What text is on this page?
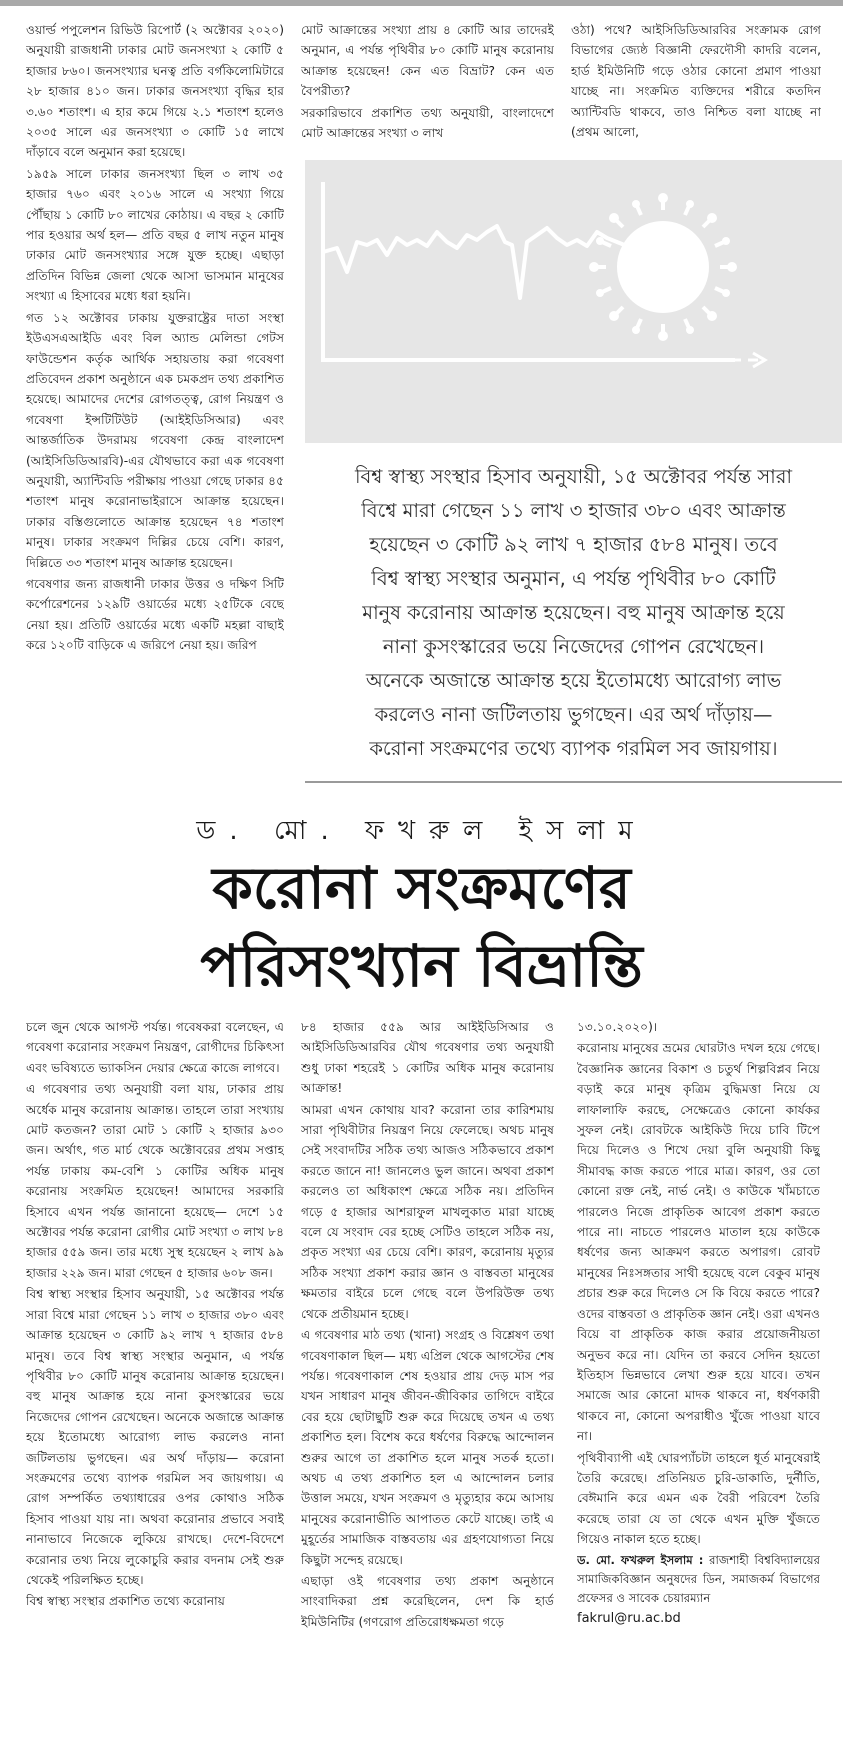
ওয়ার্ল্ড পপুলেশন রিভিউ রিপোর্ট (২ অক্টোবর ২০২০) অনুযায়ী রাজধানী ঢাকার মোট জনসংখ্যা ২ কোটি ৫ হাজার ৮৬০। জনসংখ্যার ঘনত্ব প্রতি বর্গকিলোমিটারে ২৮ হাজার ৪১০ জন। ঢাকার জনসংখ্যা বৃদ্ধির হার ৩.৬০ শতাংশ। এ হার কমে গিয়ে ২.১ শতাংশ হলেও ২০৩৫ সালে এর জনসংখ্যা ৩ কোটি ১৫ লাখে দাঁড়াবে বলে অনুমান করা হয়েছে।

১৯৫৯ সালে ঢাকার জনসংখ্যা ছিল ৩ লাখ ৩৫ হাজার ৭৬০ এবং ২০১৬ সালে এ সংখ্যা গিয়ে পৌঁছায় ১ কোটি ৮০ লাখের কোঠায়। এ বছর ২ কোটি পার হওয়ার অর্থ হল— প্রতি বছর ৫ লাখ নতুন মানুষ ঢাকার মোট জনসংখ্যার সঙ্গে যুক্ত হচ্ছে। এছাড়া প্রতিদিন বিভিন্ন জেলা থেকে আসা ভাসমান মানুষের সংখ্যা এ হিসাবের মধ্যে ধরা হয়নি।

গত ১২ অক্টোবর ঢাকায় যুক্তরাষ্ট্রের দাতা সংস্থা ইউএসএআইডি এবং বিল অ্যান্ড মেলিন্ডা গেটস ফাউন্ডেশন কর্তৃক আর্থিক সহায়তায় করা গবেষণা প্রতিবেদন প্রকাশ অনুষ্ঠানে এক চমকপ্রদ তথ্য প্রকাশিত হয়েছে। আমাদের দেশের রোগতত্ত্ব, রোগ নিয়ন্ত্রণ ও গবেষণা ইন্সটিটিউট (আইইডিসিআর) এবং আন্তর্জাতিক উদরাময় গবেষণা কেন্দ্র বাংলাদেশ (আইসিডিডিআরবি)-এর যৌথভাবে করা এক গবেষণা অনুযায়ী, অ্যান্টিবডি পরীক্ষায় পাওয়া গেছে ঢাকার ৪৫ শতাংশ মানুষ করোনাভাইরাসে আক্রান্ত হয়েছেন। ঢাকার বস্তিগুলোতে আক্রান্ত হয়েছেন ৭৪ শতাংশ মানুষ। ঢাকার সংক্রমণ দিল্লির চেয়ে বেশি। কারণ, দিল্লিতে ৩৩ শতাংশ মানুষ আক্রান্ত হয়েছেন।

গবেষণার জন্য রাজধানী ঢাকার উত্তর ও দক্ষিণ সিটি কর্পোরেশনের ১২৯টি ওয়ার্ডের মধ্যে ২৫টিকে বেছে নেয়া হয়। প্রতিটি ওয়ার্ডের মধ্যে একটি মহল্লা বাছাই করে ১২০টি বাড়িকে এ জরিপে নেয়া হয়। জরিপ

মোট আক্রান্তের সংখ্যা প্রায় ৪ কোটি আর তাদেরই অনুমান, এ পর্যন্ত পৃথিবীর ৮০ কোটি মানুষ করোনায় আক্রান্ত হয়েছেন! কেন এত বিভ্রাট? কেন এত বৈপরীত্য?

সরকারিভাবে প্রকাশিত তথ্য অনুযায়ী, বাংলাদেশে মোট আক্রান্তের সংখ্যা ৩ লাখ

ওঠা) পথে? আইসিডিডিআরবির সংক্রামক রোগ বিভাগের জ্যেষ্ঠ বিজ্ঞানী ফেরদৌসী কাদরি বলেন, হার্ড ইমিউনিটি গড়ে ওঠার কোনো প্রমাণ পাওয়া যাচ্ছে না। সংক্রমিত ব্যক্তিদের শরীরে কতদিন অ্যান্টিবডি থাকবে, তাও নিশ্চিত বলা যাচ্ছে না (প্রথম আলো,

বিশ্ব স্বাস্থ্য সংস্থার হিসাব অনুযায়ী, ১৫ অক্টোবর পর্যন্ত সারা

বিশ্বে মারা গেছেন ১১ লাখ ৩ হাজার ৩৮০ এবং আক্রান্ত

হয়েছেন ৩ কোটি ৯২ লাখ ৭ হাজার ৫৮৪ মানুষ। তবে

বিশ্ব স্বাস্থ্য সংস্থার অনুমান, এ পর্যন্ত পৃথিবীর ৮০ কোটি

মানুষ করোনায় আক্রান্ত হয়েছেন। বহু মানুষ আক্রান্ত হয়ে

নানা কুসংস্কারের ভয়ে নিজেদের গোপন রেখেছেন।

অনেকে অজান্তে আক্রান্ত হয়ে ইতোমধ্যে আরোগ্য লাভ

করলেও নানা জটিলতায় ভুগছেন। এর অর্থ দাঁড়ায়—

করোনা সংক্রমণের তথ্যে ব্যাপক গরমিল সব জায়গায়।

ড. মো. ফখরুল ইসলাম
করোনা সংক্রমণের
পরিসংখ্যান বিভ্রান্তি

চলে জুন থেকে আগস্ট পর্যন্ত। গবেষকরা বলেছেন, এ গবেষণা করোনার সংক্রমণ নিয়ন্ত্রণ, রোগীদের চিকিৎসা এবং ভবিষ্যতে ভ্যাকসিন দেয়ার ক্ষেত্রে কাজে লাগবে।

এ গবেষণার তথ্য অনুযায়ী বলা যায়, ঢাকার প্রায় অর্ধেক মানুষ করোনায় আক্রান্ত। তাহলে তারা সংখ্যায় মোট কতজন? তারা মোট ১ কোটি ২ হাজার ৯৩০ জন। অর্থাৎ, গত মার্চ থেকে অক্টোবরের প্রথম সপ্তাহ পর্যন্ত ঢাকায় কম-বেশি ১ কোটির অধিক মানুষ করোনায় সংক্রমিত হয়েছেন! আমাদের সরকারি হিসাবে এখন পর্যন্ত জানানো হয়েছে— দেশে ১৫ অক্টোবর পর্যন্ত করোনা রোগীর মোট সংখ্যা ৩ লাখ ৮৪ হাজার ৫৫৯ জন। তার মধ্যে সুস্থ হয়েছেন ২ লাখ ৯৯ হাজার ২২৯ জন। মারা গেছেন ৫ হাজার ৬০৮ জন।

বিশ্ব স্বাস্থ্য সংস্থার হিসাব অনুযায়ী, ১৫ অক্টোবর পর্যন্ত সারা বিশ্বে মারা গেছেন ১১ লাখ ৩ হাজার ৩৮০ এবং আক্রান্ত হয়েছেন ৩ কোটি ৯২ লাখ ৭ হাজার ৫৮৪ মানুষ। তবে বিশ্ব স্বাস্থ্য সংস্থার অনুমান, এ পর্যন্ত পৃথিবীর ৮০ কোটি মানুষ করোনায় আক্রান্ত হয়েছেন। বহু মানুষ আক্রান্ত হয়ে নানা কুসংস্কারের ভয়ে নিজেদের গোপন রেখেছেন। অনেকে অজান্তে আক্রান্ত হয়ে ইতোমধ্যে আরোগ্য লাভ করলেও নানা জটিলতায় ভুগছেন। এর অর্থ দাঁড়ায়— করোনা সংক্রমণের তথ্যে ব্যাপক গরমিল সব জায়গায়। এ রোগ সম্পর্কিত তথ্যাধারের ওপর কোথাও সঠিক হিসাব পাওয়া যায় না। অথবা করোনার প্রভাবে সবাই নানাভাবে নিজেকে লুকিয়ে রাখছে। দেশে-বিদেশে করোনার তথ্য নিয়ে লুকোচুরি করার বদনাম সেই শুরু থেকেই পরিলক্ষিত হচ্ছে।

বিশ্ব স্বাস্থ্য সংস্থার প্রকাশিত তথ্যে করোনায়

৮৪ হাজার ৫৫৯ আর আইইডিসিআর ও আইসিডিডিআরবির যৌথ গবেষণার তথ্য অনুযায়ী শুধু ঢাকা শহরেই ১ কোটির অধিক মানুষ করোনায় আক্রান্ত!

আমরা এখন কোথায় যাব? করোনা তার কারিশমায় সারা পৃথিবীটার নিয়ন্ত্রণ নিয়ে ফেলেছে। অথচ মানুষ সেই সংবাদটির সঠিক তথ্য আজও সঠিকভাবে প্রকাশ করতে জানে না! জানলেও ভুল জানে। অথবা প্রকাশ করলেও তা অধিকাংশ ক্ষেত্রে সঠিক নয়। প্রতিদিন গড়ে ৫ হাজার আশরাফুল মাখলুকাত মারা যাচ্ছে বলে যে সংবাদ বের হচ্ছে সেটিও তাহলে সঠিক নয়, প্রকৃত সংখ্যা এর চেয়ে বেশি। কারণ, করোনায় মৃত্যুর সঠিক সংখ্যা প্রকাশ করার জ্ঞান ও বাস্তবতা মানুষের ক্ষমতার বাইরে চলে গেছে বলে উপরিউক্ত তথ্য থেকে প্রতীয়মান হচ্ছে।

এ গবেষণার মাঠ তথ্য (খানা) সংগ্রহ ও বিশ্লেষণ তথা গবেষণাকাল ছিল— মধ্য এপ্রিল থেকে আগস্টের শেষ পর্যন্ত। গবেষণাকাল শেষ হওয়ার প্রায় দেড় মাস পর যখন সাধারণ মানুষ জীবন-জীবিকার তাগিদে বাইরে বের হয়ে ছোটাছুটি শুরু করে দিয়েছে তখন এ তথ্য প্রকাশিত হল। বিশেষ করে ধর্ষণের বিরুদ্ধে আন্দোলন শুরুর আগে তা প্রকাশিত হলে মানুষ সতর্ক হতো। অথচ এ তথ্য প্রকাশিত হল এ আন্দোলন চলার উত্তাল সময়ে, যখন সংক্রমণ ও মৃত্যুহার কমে আসায় মানুষের করোনাভীতি আপাতত কেটে যাচ্ছে। তাই এ মুহূর্তের সামাজিক বাস্তবতায় এর গ্রহণযোগ্যতা নিয়ে কিছুটা সন্দেহ রয়েছে।

এছাড়া ওই গবেষণার তথ্য প্রকাশ অনুষ্ঠানে সাংবাদিকরা প্রশ্ন করেছিলেন, দেশ কি হার্ড ইমিউনিটির (গণরোগ প্রতিরোধক্ষমতা গড়ে

১৩.১০.২০২০)।

করোনায় মানুষের ভ্রমের ঘোরটাও দখল হয়ে গেছে। বৈজ্ঞানিক জ্ঞানের বিকাশ ও চতুর্থ শিল্পবিপ্লব নিয়ে বড়াই করে মানুষ কৃত্রিম বুদ্ধিমত্তা নিয়ে যে লাফালাফি করছে, সেক্ষেত্রেও কোনো কার্যকর সুফল নেই। রোবটকে আইকিউ দিয়ে চাবি টিপে দিয়ে দিলেও ও শিখে দেয়া বুলি অনুযায়ী কিছু সীমাবদ্ধ কাজ করতে পারে মাত্র। কারণ, ওর তো কোনো রক্ত নেই, নার্ভ নেই। ও কাউকে খাঁমচাতে পারলেও নিজে প্রাকৃতিক আবেগ প্রকাশ করতে পারে না। নাচতে পারলেও মাতাল হয়ে কাউকে ধর্ষণের জন্য আক্রমণ করতে অপারগ। রোবট মানুষের নিঃসঙ্গতার সাথী হয়েছে বলে বেকুব মানুষ প্রচার শুরু করে দিলেও সে কি বিয়ে করতে পারে? ওদের বাস্তবতা ও প্রাকৃতিক জ্ঞান নেই। ওরা এখনও বিয়ে বা প্রাকৃতিক কাজ করার প্রয়োজনীয়তা অনুভব করে না। যেদিন তা করবে সেদিন হয়তো ইতিহাস ভিন্নভাবে লেখা শুরু হয়ে যাবে। তখন সমাজে আর কোনো মাদক থাকবে না, ধর্ষণকারী থাকবে না, কোনো অপরাধীও খুঁজে পাওয়া যাবে না।

পৃথিবীব্যাপী এই ঘোরপ্যাঁচটা তাহলে ধূর্ত মানুষেরাই তৈরি করেছে। প্রতিনিয়ত চুরি-ডাকাতি, দুর্নীতি, বেঈমানি করে এমন এক বৈরী পরিবেশ তৈরি করেছে তারা যে তা থেকে এখন মুক্তি খুঁজতে গিয়েও নাকাল হতে হচ্ছে।

ড. মো. ফখরুল ইসলাম : রাজশাহী বিশ্ববিদ্যালয়ের সামাজিকবিজ্ঞান অনুষদের ডিন, সমাজকর্ম বিভাগের প্রফেসর ও সাবেক চেয়ারম্যান

fakrul@ru.ac.bd
